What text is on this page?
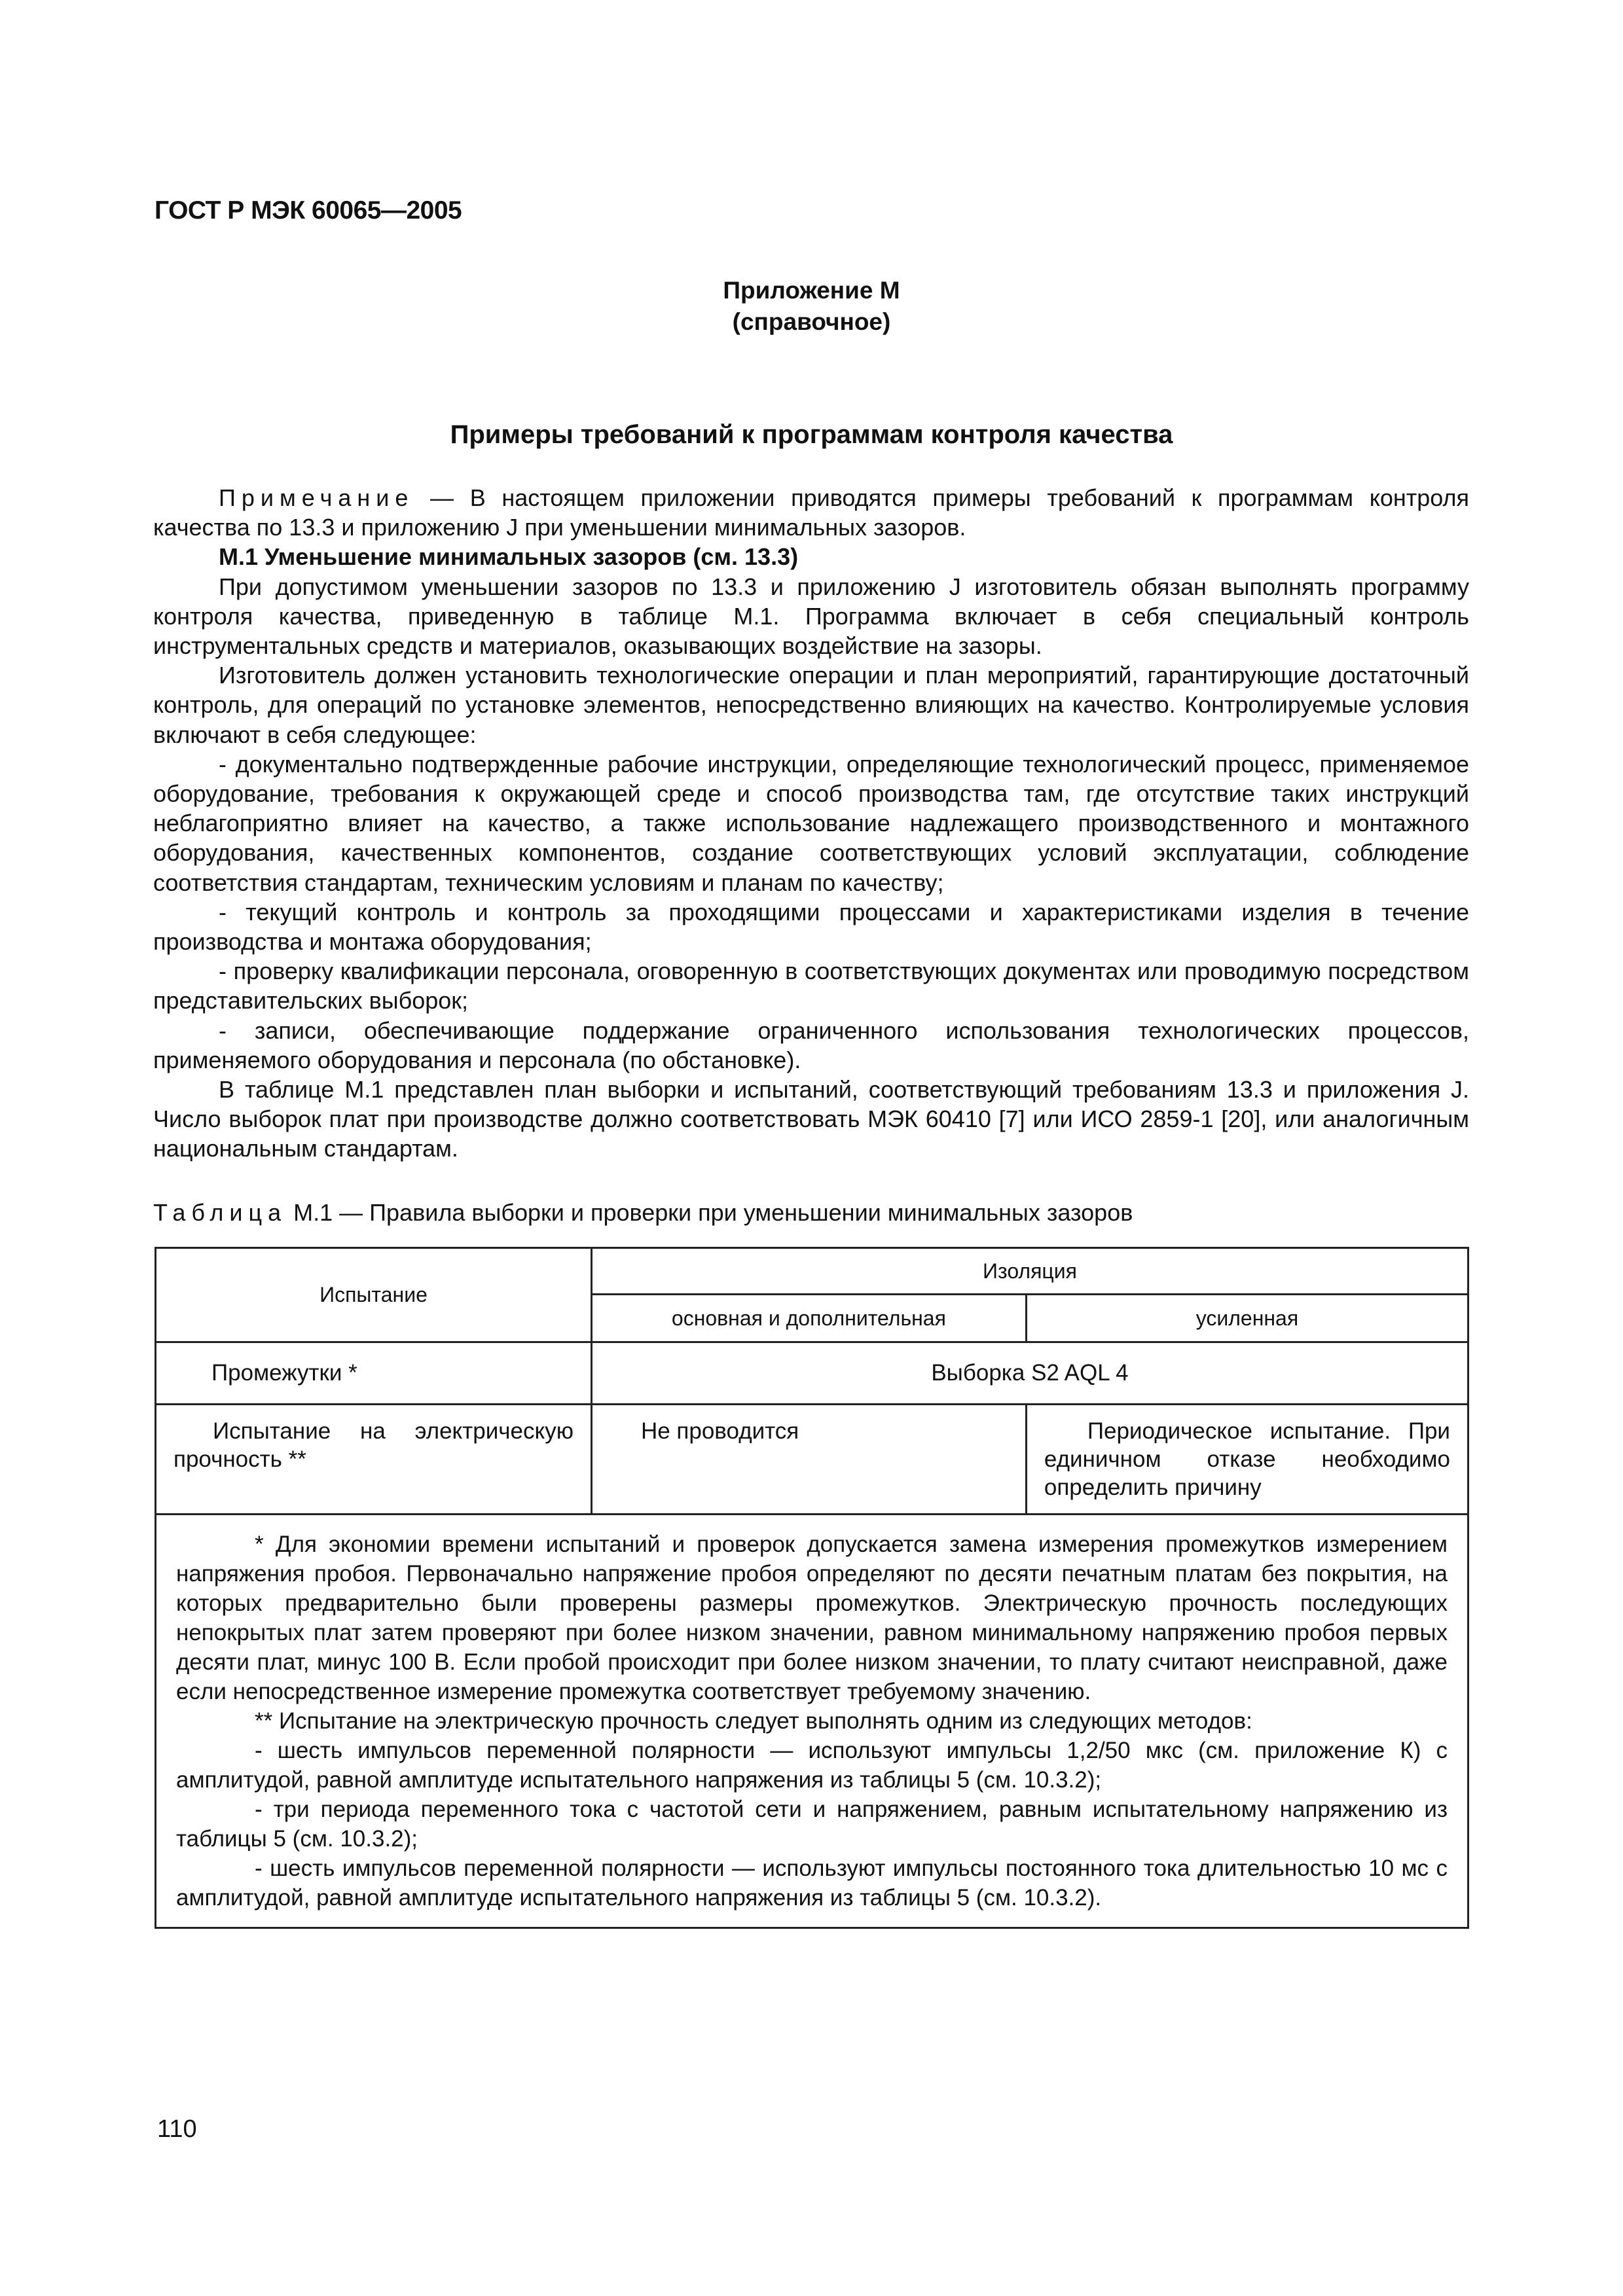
ГОСТ Р МЭК 60065—2005
Приложение М
(справочное)
Примеры требований к программам контроля качества

Примечание — В настоящем приложении приводятся примеры требований к программам контроля качества по 13.3 и приложению J при уменьшении минимальных зазоров.

М.1 Уменьшение минимальных зазоров (см. 13.3)

При допустимом уменьшении зазоров по 13.3 и приложению J изготовитель обязан выполнять программу контроля качества, приведенную в таблице М.1. Программа включает в себя специальный контроль инструментальных средств и материалов, оказывающих воздействие на зазоры.

Изготовитель должен установить технологические операции и план мероприятий, гарантирующие достаточный контроль, для операций по установке элементов, непосредственно влияющих на качество. Контролируемые условия включают в себя следующее:

- документально подтвержденные рабочие инструкции, определяющие технологический процесс, применяемое оборудование, требования к окружающей среде и способ производства там, где отсутствие таких инструкций неблагоприятно влияет на качество, а также использование надлежащего производственного и монтажного оборудования, качественных компонентов, создание соответствующих условий эксплуатации, соблюдение соответствия стандартам, техническим условиям и планам по качеству;

- текущий контроль и контроль за проходящими процессами и характеристиками изделия в течение производства и монтажа оборудования;

- проверку квалификации персонала, оговоренную в соответствующих документах или проводимую посредством представительских выборок;

- записи, обеспечивающие поддержание ограниченного использования технологических процессов, применяемого оборудования и персонала (по обстановке).

В таблице М.1 представлен план выборки и испытаний, соответствующий требованиям 13.3 и приложения J. Число выборок плат при производстве должно соответствовать МЭК 60410 [7] или ИСО 2859-1 [20], или аналогичным национальным стандартам.

Таблица М.1 — Правила выборки и проверки при уменьшении минимальных зазоров
Испытание	Изоляция	
	основная и дополнительная	усиленная
Промежутки *	Выборка S2 AQL 4	
Испытание на электрическую прочность **	Не проводится	Периодическое испытание. При единичном отказе необходимо определить причину

* Для экономии времени испытаний и проверок допускается замена измерения промежутков измерением напряжения пробоя. Первоначально напряжение пробоя определяют по десяти печатным платам без покрытия, на которых предварительно были проверены размеры промежутков. Электрическую прочность последующих непокрытых плат затем проверяют при более низком значении, равном минимальному напряжению пробоя первых десяти плат, минус 100 В. Если пробой происходит при более низком значении, то плату считают неисправной, даже если непосредственное измерение промежутка соответствует требуемому значению.

** Испытание на электрическую прочность следует выполнять одним из следующих методов:

- шесть импульсов переменной полярности — используют импульсы 1,2/50 мкс (см. приложение К) с амплитудой, равной амплитуде испытательного напряжения из таблицы 5 (см. 10.3.2);

- три периода переменного тока с частотой сети и напряжением, равным испытательному напряжению из таблицы 5 (см. 10.3.2);

- шесть импульсов переменной полярности — используют импульсы постоянного тока длительностью 10 мс с амплитудой, равной амплитуде испытательного напряжения из таблицы 5 (см. 10.3.2).		

110
